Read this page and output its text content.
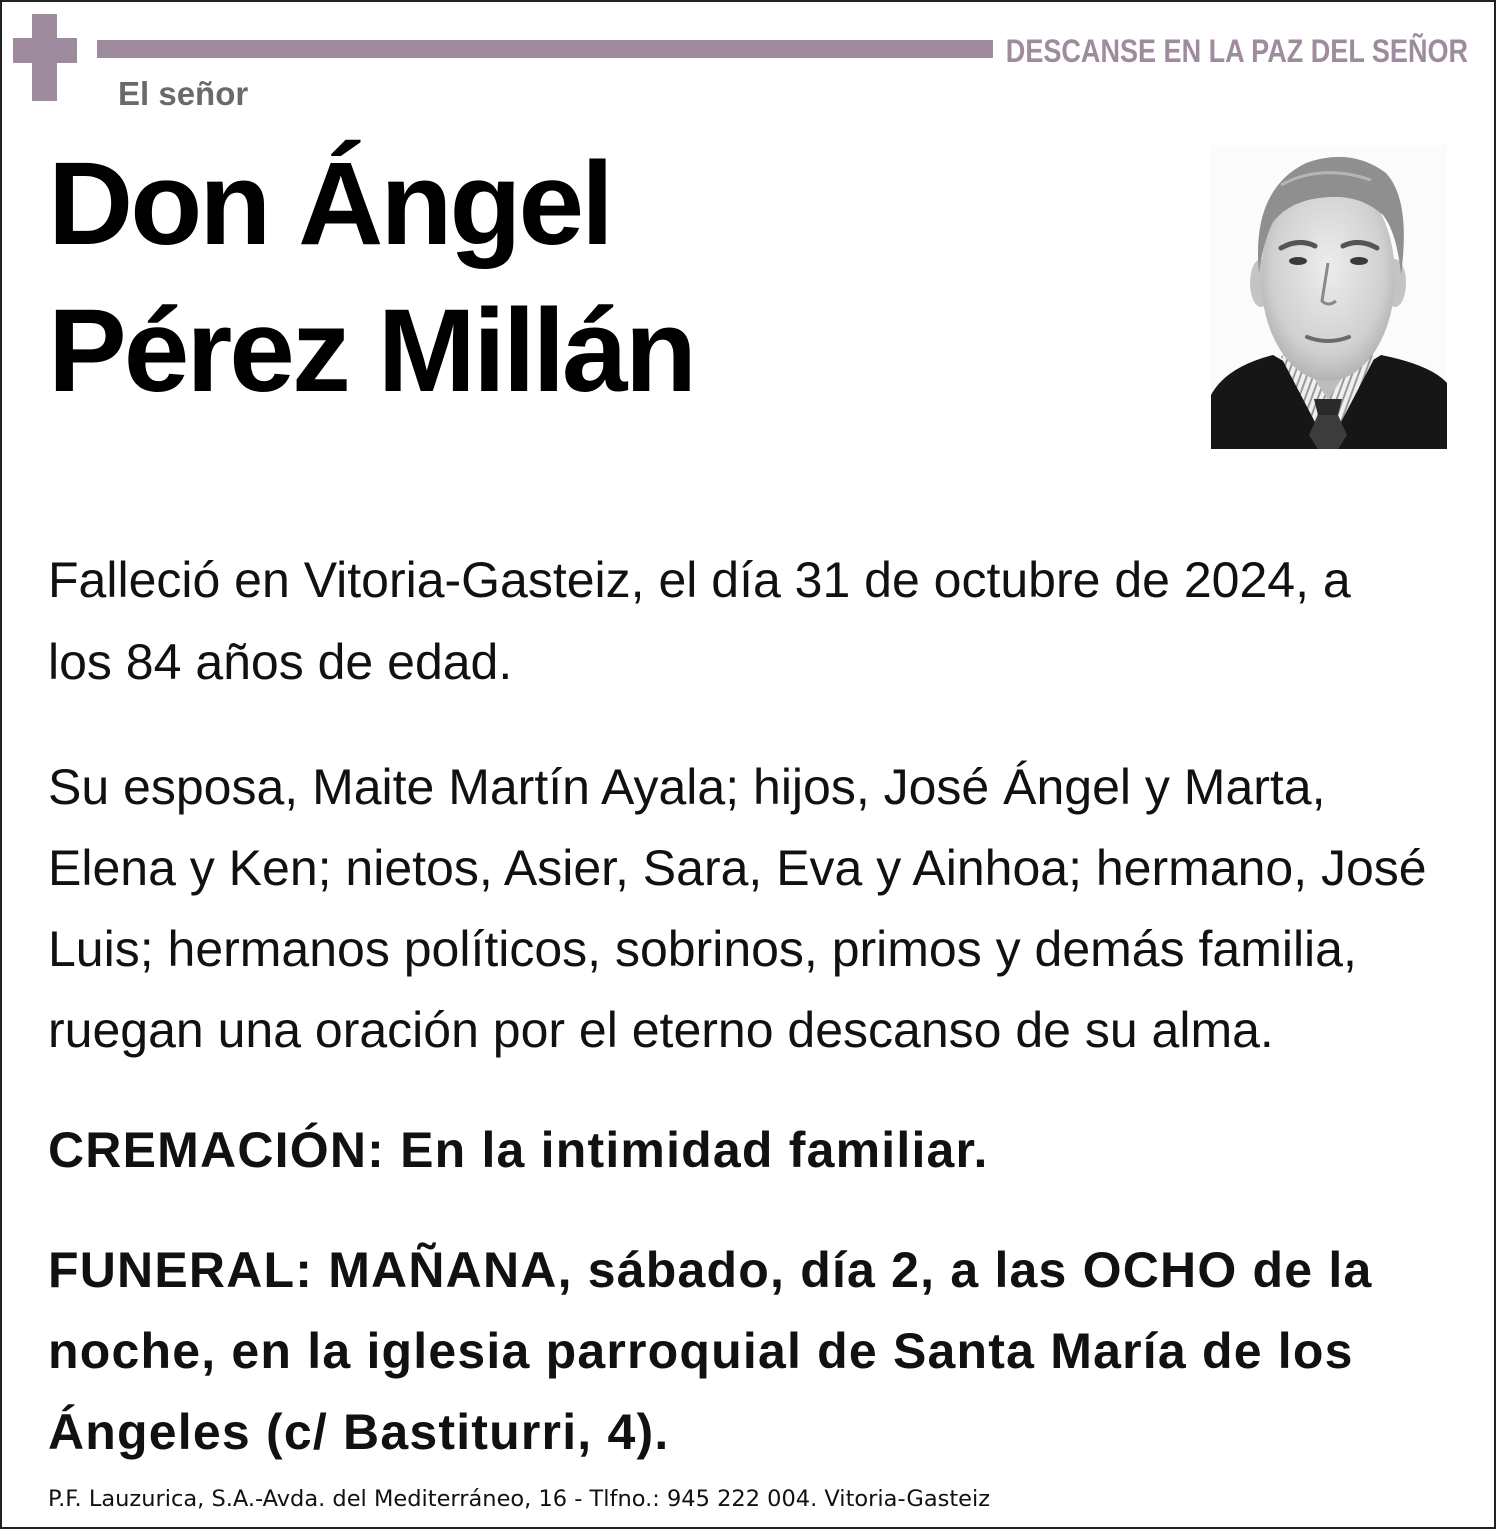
DESCANSE EN LA PAZ DEL SEÑOR
El señor
Don Ángel
Pérez Millán
Falleció en Vitoria-Gasteiz, el día 31 de octubre de 2024, a
los 84 años de edad.
Su esposa, Maite Martín Ayala; hijos, José Ángel y Marta,
Elena y Ken; nietos, Asier, Sara, Eva y Ainhoa; hermano, José
Luis; hermanos políticos, sobrinos, primos y demás familia,
ruegan una oración por el eterno descanso de su alma.
CREMACIÓN: En la intimidad familiar.
FUNERAL: MAÑANA, sábado, día 2, a las OCHO de la
noche, en la iglesia parroquial de Santa María de los
Ángeles (c/ Bastiturri, 4).
P.F. Lauzurica, S.A.-Avda. del Mediterráneo, 16 - Tlfno.: 945 222 004. Vitoria-Gasteiz
